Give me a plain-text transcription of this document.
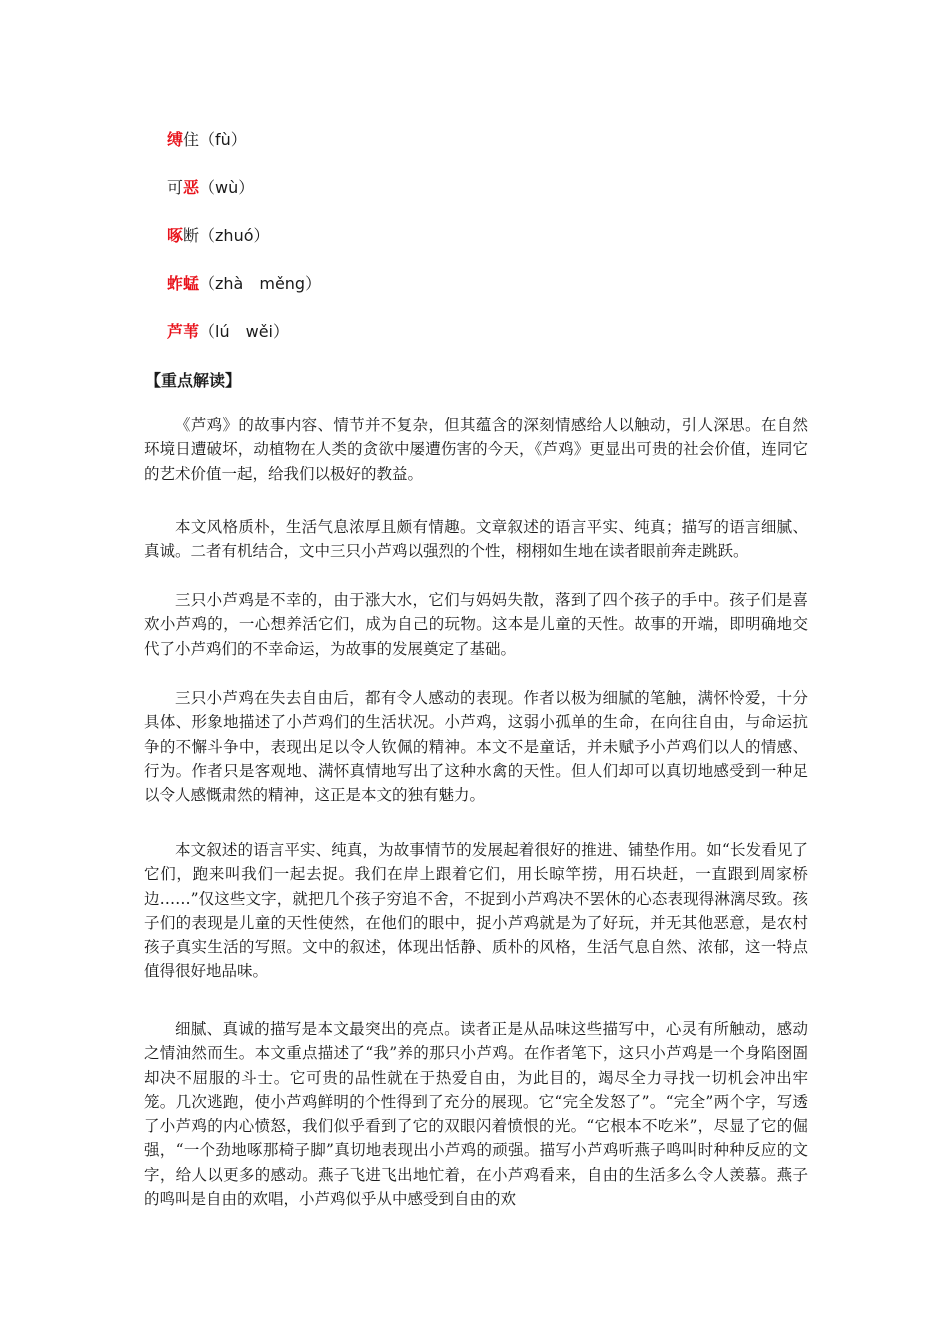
缚住（fù）
可恶（wù）
啄断（zhuó）
蚱蜢（zhà　měng）
芦苇（lú　wěi）
【重点解读】

《芦鸡》的故事内容、情节并不复杂，但其蕴含的深刻情感给人以触动，引人深思。在自然环境日遭破坏，动植物在人类的贪欲中屡遭伤害的今天，《芦鸡》更显出可贵的社会价值，连同它的艺术价值一起，给我们以极好的教益。

本文风格质朴，生活气息浓厚且颇有情趣。文章叙述的语言平实、纯真；描写的语言细腻、真诚。二者有机结合，文中三只小芦鸡以强烈的个性，栩栩如生地在读者眼前奔走跳跃。

三只小芦鸡是不幸的，由于涨大水，它们与妈妈失散，落到了四个孩子的手中。孩子们是喜欢小芦鸡的，一心想养活它们，成为自己的玩物。这本是儿童的天性。故事的开端，即明确地交代了小芦鸡们的不幸命运，为故事的发展奠定了基础。

三只小芦鸡在失去自由后，都有令人感动的表现。作者以极为细腻的笔触，满怀怜爱，十分具体、形象地描述了小芦鸡们的生活状况。小芦鸡，这弱小孤单的生命，在向往自由，与命运抗争的不懈斗争中，表现出足以令人钦佩的精神。本文不是童话，并未赋予小芦鸡们以人的情感、行为。作者只是客观地、满怀真情地写出了这种水禽的天性。但人们却可以真切地感受到一种足以令人感慨肃然的精神，这正是本文的独有魅力。

本文叙述的语言平实、纯真，为故事情节的发展起着很好的推进、铺垫作用。如“长发看见了它们，跑来叫我们一起去捉。我们在岸上跟着它们，用长晾竿捞，用石块赶，一直跟到周家桥边……”仅这些文字，就把几个孩子穷追不舍，不捉到小芦鸡决不罢休的心态表现得淋漓尽致。孩子们的表现是儿童的天性使然，在他们的眼中，捉小芦鸡就是为了好玩，并无其他恶意，是农村孩子真实生活的写照。文中的叙述，体现出恬静、质朴的风格，生活气息自然、浓郁，这一特点值得很好地品味。

细腻、真诚的描写是本文最突出的亮点。读者正是从品味这些描写中，心灵有所触动，感动之情油然而生。本文重点描述了“我”养的那只小芦鸡。在作者笔下，这只小芦鸡是一个身陷囹圄却决不屈服的斗士。它可贵的品性就在于热爱自由，为此目的，竭尽全力寻找一切机会冲出牢笼。几次逃跑，使小芦鸡鲜明的个性得到了充分的展现。它“完全发怒了”。“完全”两个字，写透了小芦鸡的内心愤怒，我们似乎看到了它的双眼闪着愤恨的光。“它根本不吃米”，尽显了它的倔强，“一个劲地啄那椅子脚”真切地表现出小芦鸡的顽强。描写小芦鸡听燕子鸣叫时种种反应的文字，给人以更多的感动。燕子飞进飞出地忙着，在小芦鸡看来，自由的生活多么令人羡慕。燕子的鸣叫是自由的欢唱，小芦鸡似乎从中感受到自由的欢
